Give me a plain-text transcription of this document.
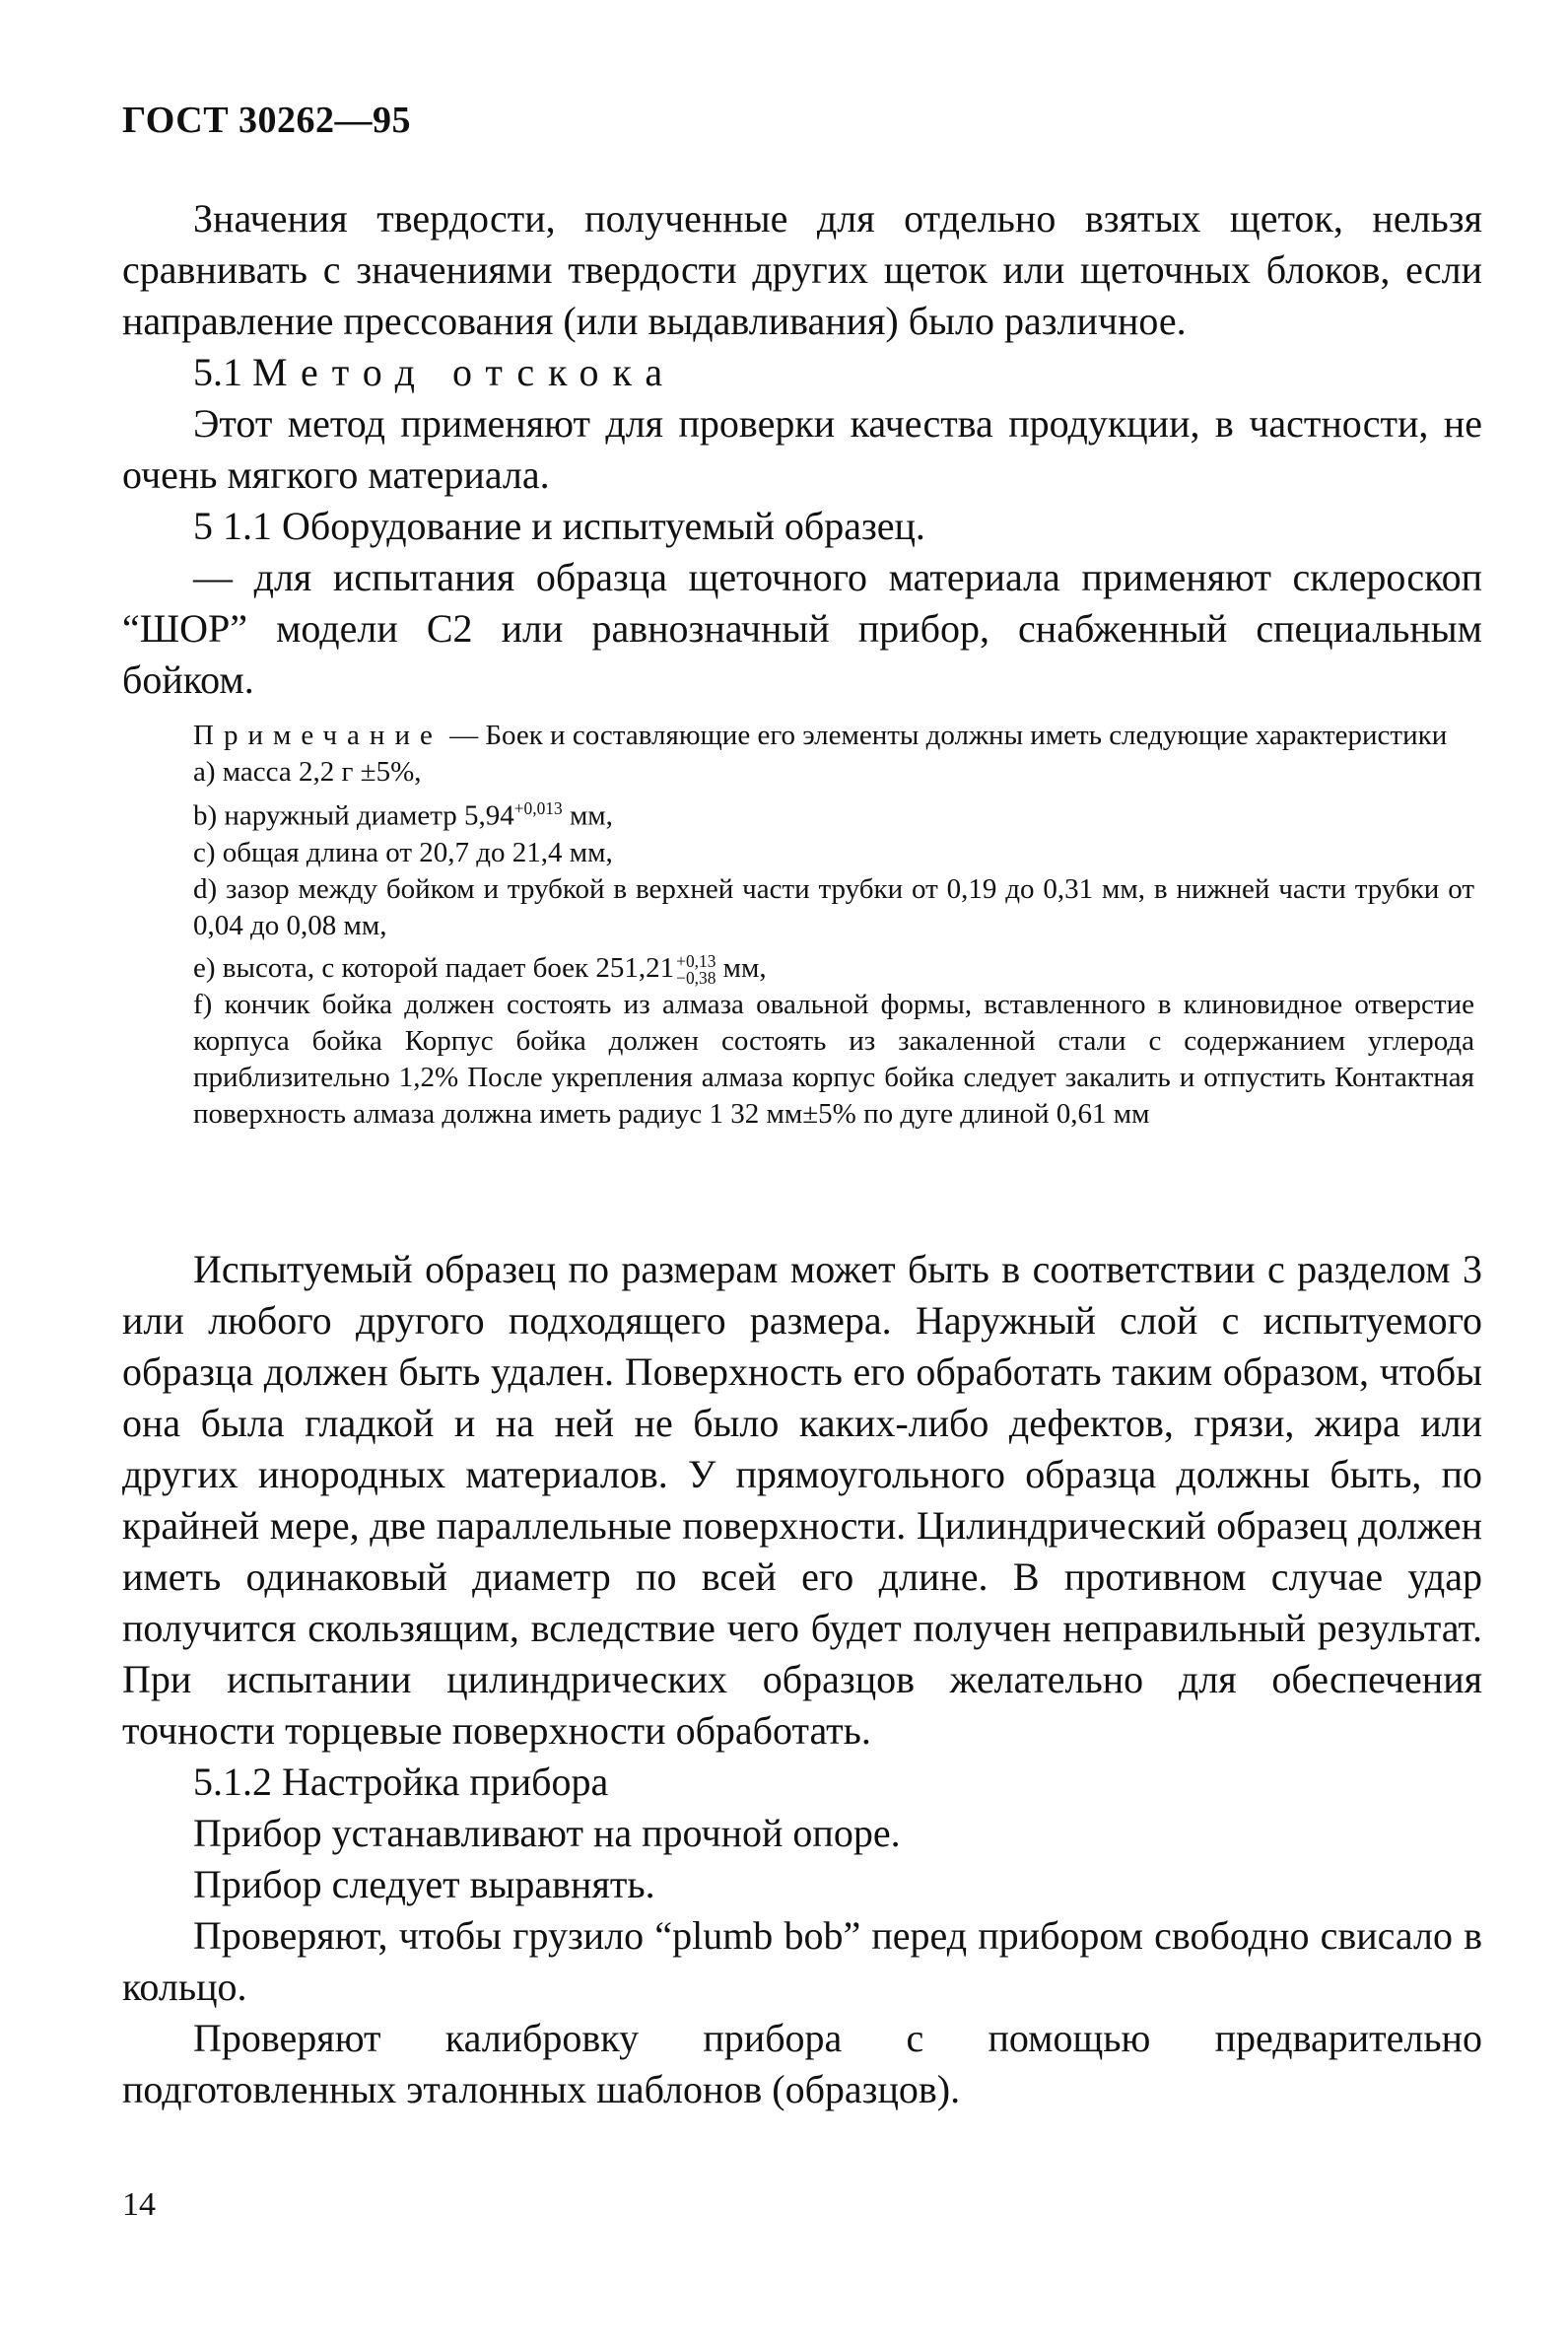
ГОСТ 30262—95

Значения твердости, полученные для отдельно взятых щеток, нельзя сравнивать с значениями твердости других щеток или щеточных блоков, если направление прессования (или выдавливания) было различное.

5.1 Метод отскока

Этот метод применяют для проверки качества продукции, в частности, не очень мягкого материала.

5 1.1 Оборудование и испытуемый образец.

— для испытания образца щеточного материала применяют склероскоп “ШОР” модели С2 или равнозначный прибор, снабженный специальным бойком.

Примечание — Боек и составляющие его элементы должны иметь следующие характеристики

а) масса 2,2 г ±5%,

b) наружный диаметр $5,94^{+0,013}$ мм,

с) общая длина от 20,7 до 21,4 мм,

d) зазор между бойком и трубкой в верхней части трубки от 0,19 до 0,31 мм, в нижней части трубки от 0,04 до 0,08 мм,

е) высота, с которой падает боек 251,21 +0,13
−0,38 мм,

f) кончик бойка должен состоять из алмаза овальной формы, вставленного в клиновидное отверстие корпуса бойка Корпус бойка должен состоять из закаленной стали с содержанием углерода приблизительно 1,2% После укрепления алмаза корпус бойка следует закалить и отпустить Контактная поверхность алмаза должна иметь радиус 1 32 мм±5% по дуге длиной 0,61 мм

Испытуемый образец по размерам может быть в соответствии с разделом 3 или любого другого подходящего размера. Наружный слой с испытуемого образца должен быть удален. Поверхность его обработать таким образом, чтобы она была гладкой и на ней не было каких-либо дефектов, грязи, жира или других инородных материалов. У прямоугольного образца должны быть, по крайней мере, две параллельные поверхности. Цилиндрический образец должен иметь одинаковый диаметр по всей его длине. В противном случае удар получится скользящим, вследствие чего будет получен неправильный результат. При испытании цилиндрических образцов желательно для обеспечения точности торцевые поверхности обработать.

5.1.2 Настройка прибора

Прибор устанавливают на прочной опоре.

Прибор следует выравнять.

Проверяют, чтобы грузило “plumb bob” перед прибором свободно свисало в кольцо.

Проверяют калибровку прибора с помощью предварительно подготовленных эталонных шаблонов (образцов).

14
